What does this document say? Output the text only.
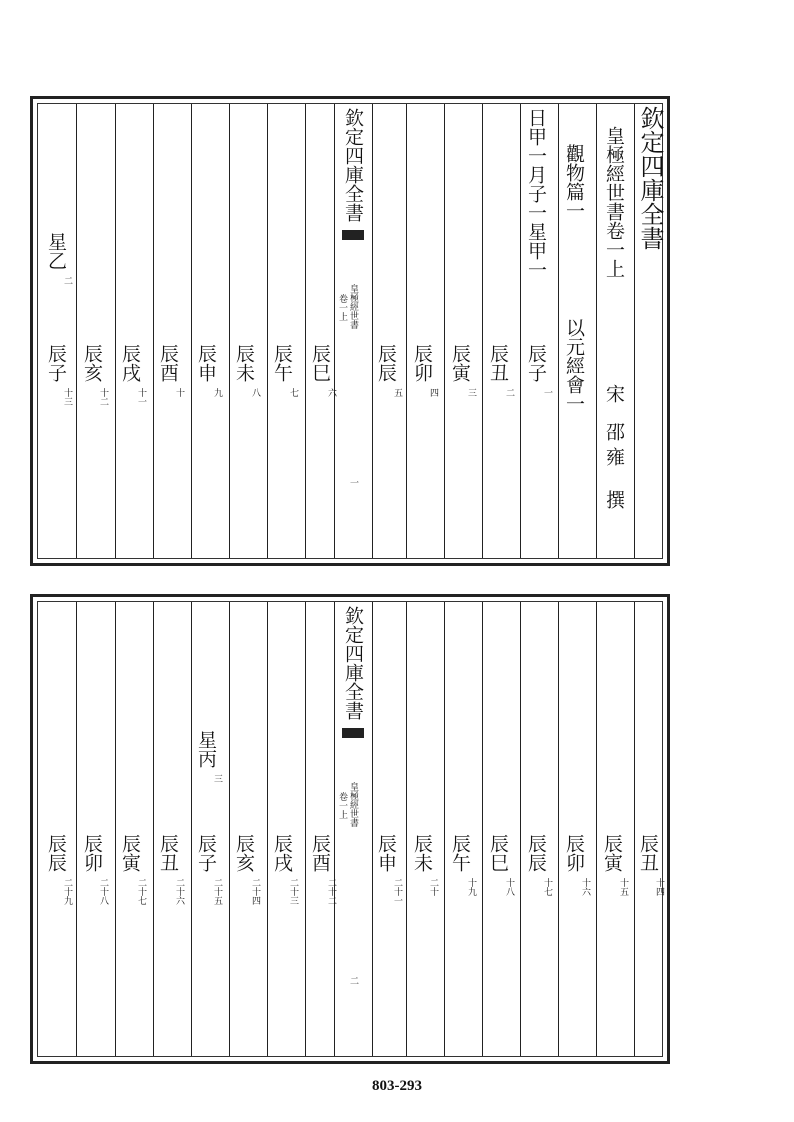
欽定四庫全書
皇極經世書卷一上
宋
邵雍
撰
觀物篇一
以元經會一
日甲一月子一星甲一
辰子
一
辰丑
二
辰寅
三
辰卯
四
辰辰
五
欽定四庫全書
皇極經世書
卷一上
一
辰巳
六
辰午
七
辰未
八
辰申
九
辰酉
十
辰戌
十一
辰亥
十二
星乙
二
辰子
十三
辰丑
十四
辰寅
十五
辰卯
十六
辰辰
十七
辰巳
十八
辰午
十九
辰未
二十
辰申
二十一
欽定四庫全書
皇極經世書
卷一上
二
辰酉
二十二
辰戌
二十三
辰亥
二十四
星丙
三
辰子
二十五
辰丑
二十六
辰寅
二十七
辰卯
二十八
辰辰
二十九
803-293
